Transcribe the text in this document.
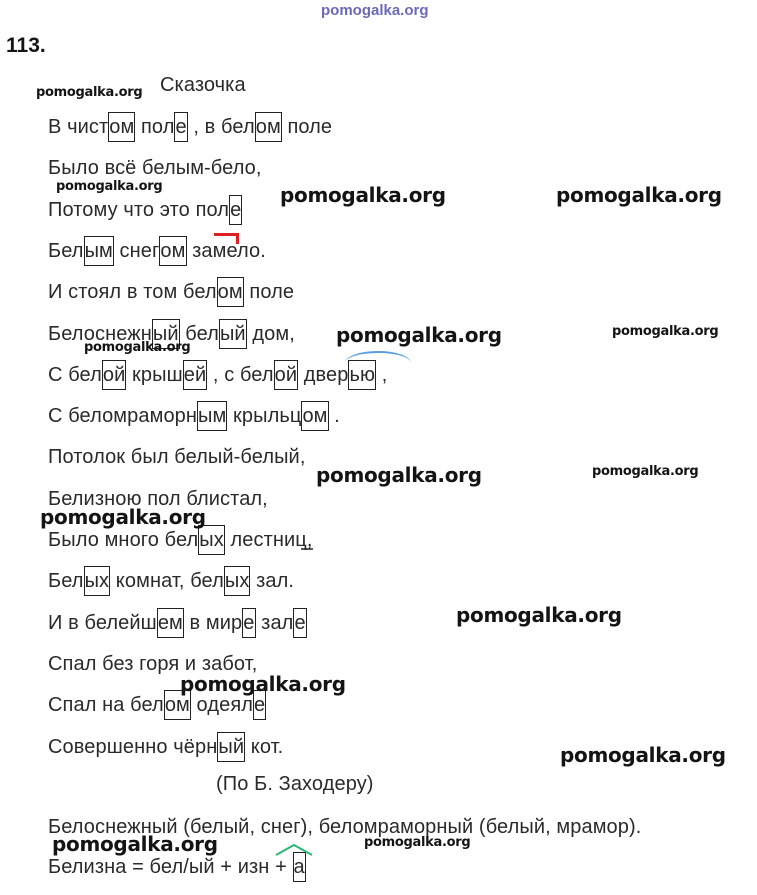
pomogalka.org
113.
Сказочка
В чистом поле , в белом поле
Было всё белым-бело,
Потому что это поле
Белым снегом замело.
И стоял в том белом поле
Белоснежный белый дом,
С белой крышей , с белой дверью ,
С беломраморным крыльцом .
Потолок был белый-белый,
Белизною пол блистал,
Было много белых лестниц,
Белых комнат, белых зал.
И в белейшем в мире зале
Спал без горя и забот,
Спал на белом одеяле
Совершенно чёрный кот.
(По Б. Заходеру)
Белоснежный (белый, снег), беломраморный (белый, мрамор).
Белизна = бел/ый + изн + а
pomogalka.org
pomogalka.org	pomogalka.org	pomogalka.org
pomogalka.org	pomogalka.org
pomogalka.org
pomogalka.org	pomogalka.org
pomogalka.org
pomogalka.org
pomogalka.org
pomogalka.org
pomogalka.org	pomogalka.org
